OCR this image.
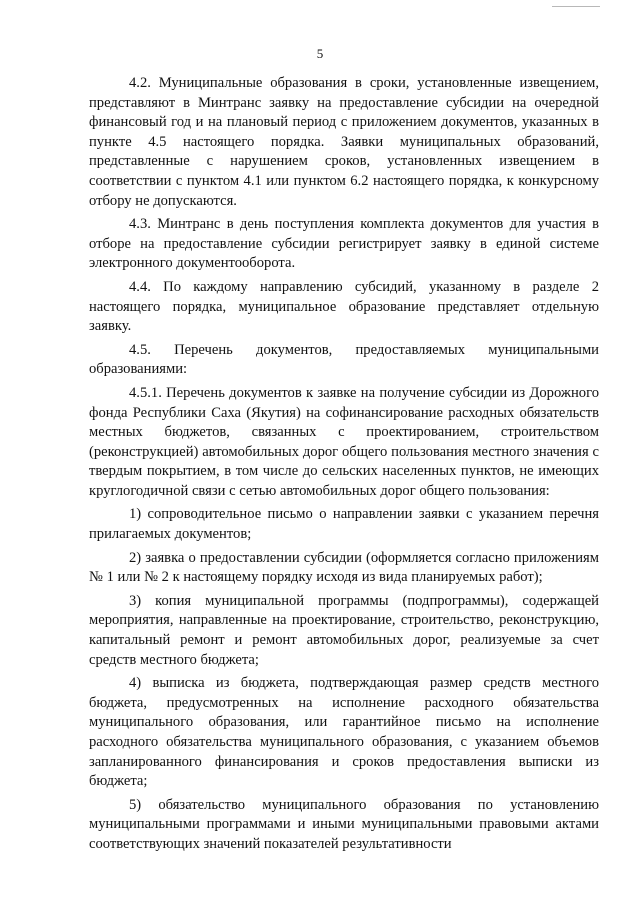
5

4.2. Муниципальные образования в сроки, установленные извещением, представляют в Минтранс заявку на предоставление субсидии на очередной финансовый год и на плановый период с приложением документов, указанных в пункте 4.5 настоящего порядка. Заявки муниципальных образований, представленные с нарушением сроков, установленных извещением в соответствии с пунктом 4.1 или пунктом 6.2 настоящего порядка, к конкурсному отбору не допускаются.

4.3. Минтранс в день поступления комплекта документов для участия в отборе на предоставление субсидии регистрирует заявку в единой системе электронного документооборота.

4.4. По каждому направлению субсидий, указанному в разделе 2 настоящего порядка, муниципальное образование представляет отдельную заявку.

4.5. Перечень документов, предоставляемых муниципальными образованиями:

4.5.1. Перечень документов к заявке на получение субсидии из Дорожного фонда Республики Саха (Якутия) на софинансирование расходных обязательств местных бюджетов, связанных с проектированием, строительством (реконструкцией) автомобильных дорог общего пользования местного значения с твердым покрытием, в том числе до сельских населенных пунктов, не имеющих круглогодичной связи с сетью автомобильных дорог общего пользования:

1) сопроводительное письмо о направлении заявки с указанием перечня прилагаемых документов;

2) заявка о предоставлении субсидии (оформляется согласно приложениям № 1 или № 2 к настоящему порядку исходя из вида планируемых работ);

3) копия муниципальной программы (подпрограммы), содержащей мероприятия, направленные на проектирование, строительство, реконструкцию, капитальный ремонт и ремонт автомобильных дорог, реализуемые за счет средств местного бюджета;

4) выписка из бюджета, подтверждающая размер средств местного бюджета, предусмотренных на исполнение расходного обязательства муниципального образования, или гарантийное письмо на исполнение расходного обязательства муниципального образования, с указанием объемов запланированного финансирования и сроков предоставления выписки из бюджета;

5) обязательство муниципального образования по установлению муниципальными программами и иными муниципальными правовыми актами соответствующих значений показателей результативности
